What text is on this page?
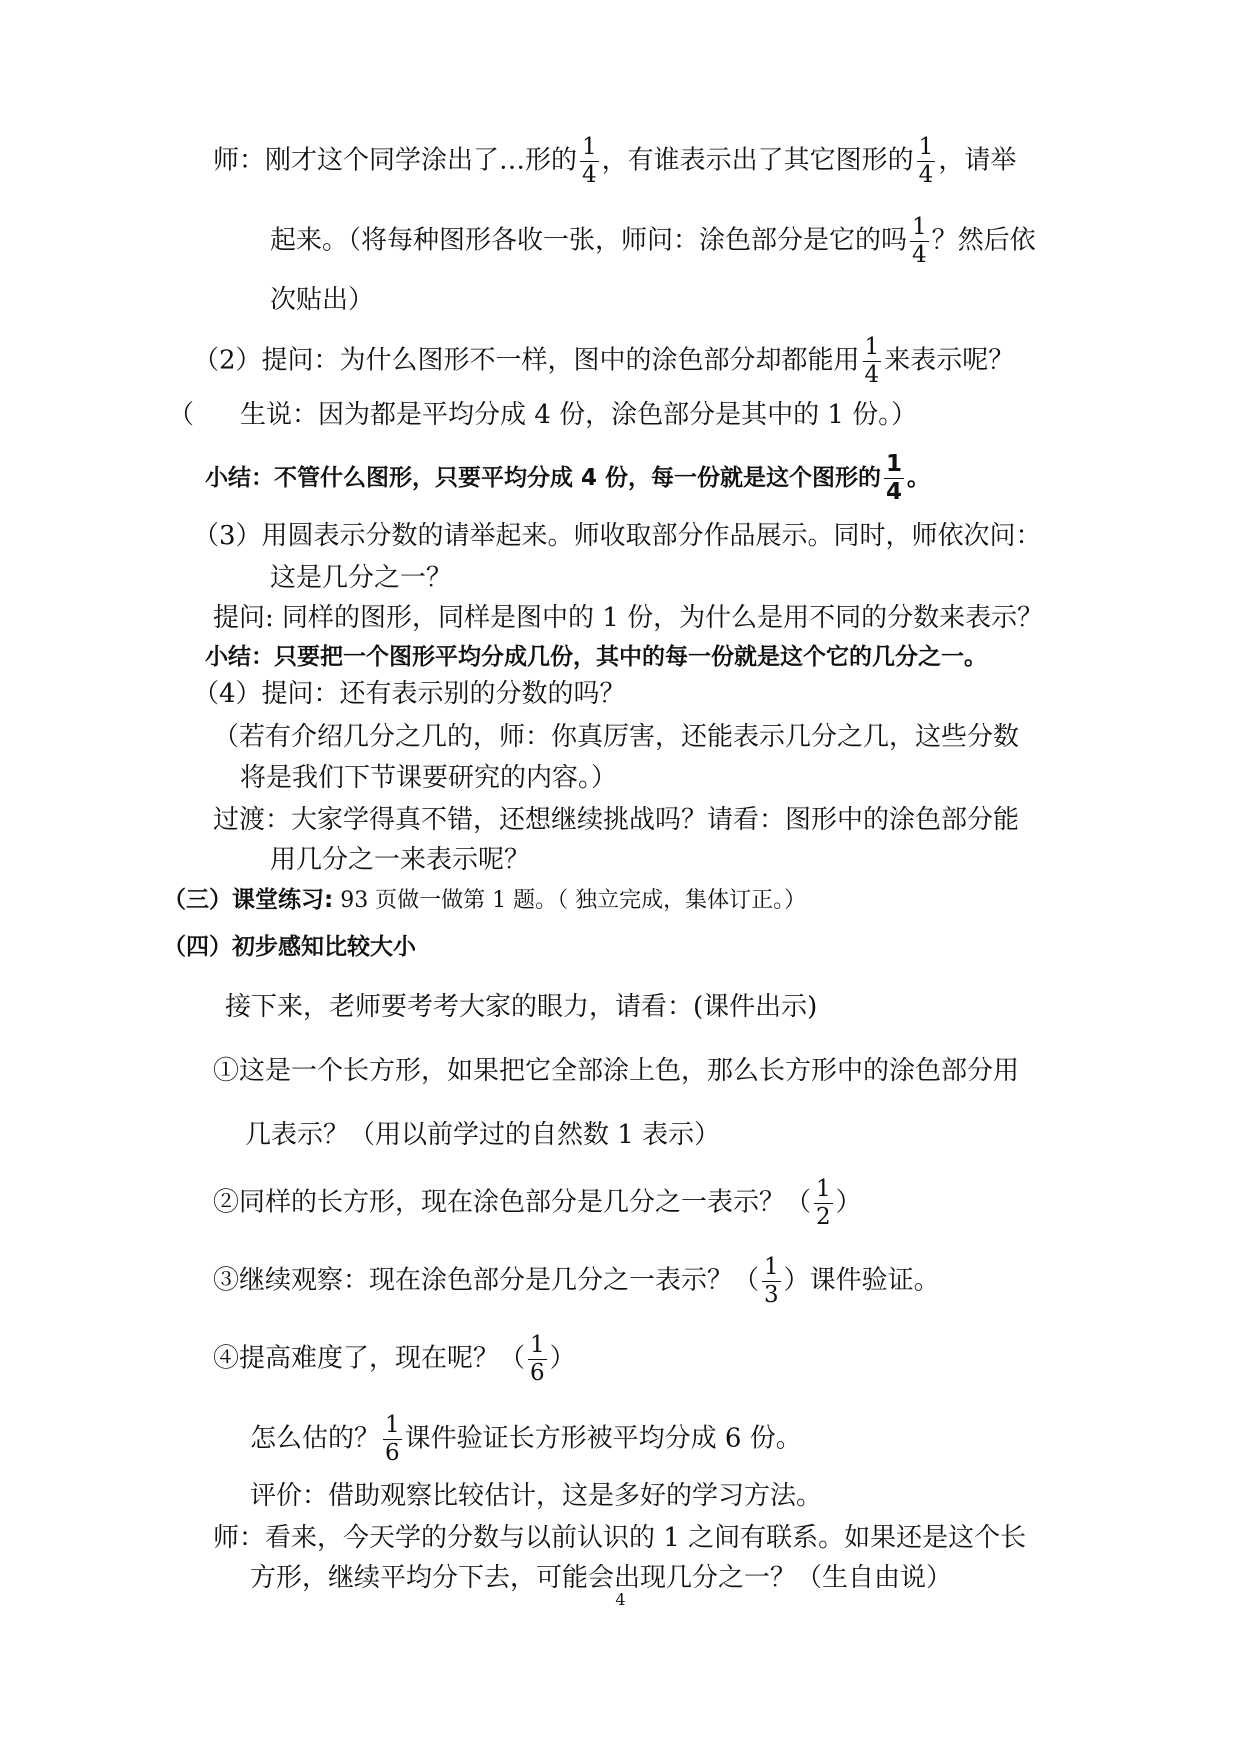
师：刚才这个同学涂出了…形的 $\frac{1}{4}$ ，有谁表示出了其它图形的 $\frac{1}{4}$ ，请举
起来。（将每种图形各收一张，师问：涂色部分是它的吗 $\frac{1}{4}$ ？然后依
次贴出）
（2）提问：为什么图形不一样，图中的涂色部分却都能用 $\frac{1}{4}$ 来表示呢？
（ 生说：因为都是平均分成 4 份，涂色部分是其中的 1 份。）
小结：不管什么图形，只要平均分成 4 份，每一份就是这个图形的 $\frac{1}{4}$ 。
（3）用圆表示分数的请举起来。师收取部分作品展示。同时，师依次问：
这是几分之一？
提问: 同样的图形，同样是图中的 1 份，为什么是用不同的分数来表示？
小结：只要把一个图形平均分成几份，其中的每一份就是这个它的几分之一。
（4）提问：还有表示别的分数的吗？
（若有介绍几分之几的，师：你真厉害，还能表示几分之几，这些分数
将是我们下节课要研究的内容。）
过渡：大家学得真不错，还想继续挑战吗？请看：图形中的涂色部分能
用几分之一来表示呢？
（三）课堂练习: 93 页做一做第 1 题。（ 独立完成，集体订正。）
（四）初步感知比较大小
接下来，老师要考考大家的眼力，请看：(课件出示)
①这是一个长方形，如果把它全部涂上色，那么长方形中的涂色部分用
几表示？（用以前学过的自然数 1 表示）
②同样的长方形，现在涂色部分是几分之一表示？（ $\frac{1}{2}$ ）
③继续观察：现在涂色部分是几分之一表示？（ $\frac{1}{3}$ ）课件验证。
④提高难度了，现在呢？（ $\frac{1}{6}$ ）
怎么估的？ $\frac{1}{6}$ 课件验证长方形被平均分成 6 份。
评价：借助观察比较估计，这是多好的学习方法。
师：看来，今天学的分数与以前认识的 1 之间有联系。如果还是这个长
方形，继续平均分下去，可能会出现几分之一？（生自由说）
4
